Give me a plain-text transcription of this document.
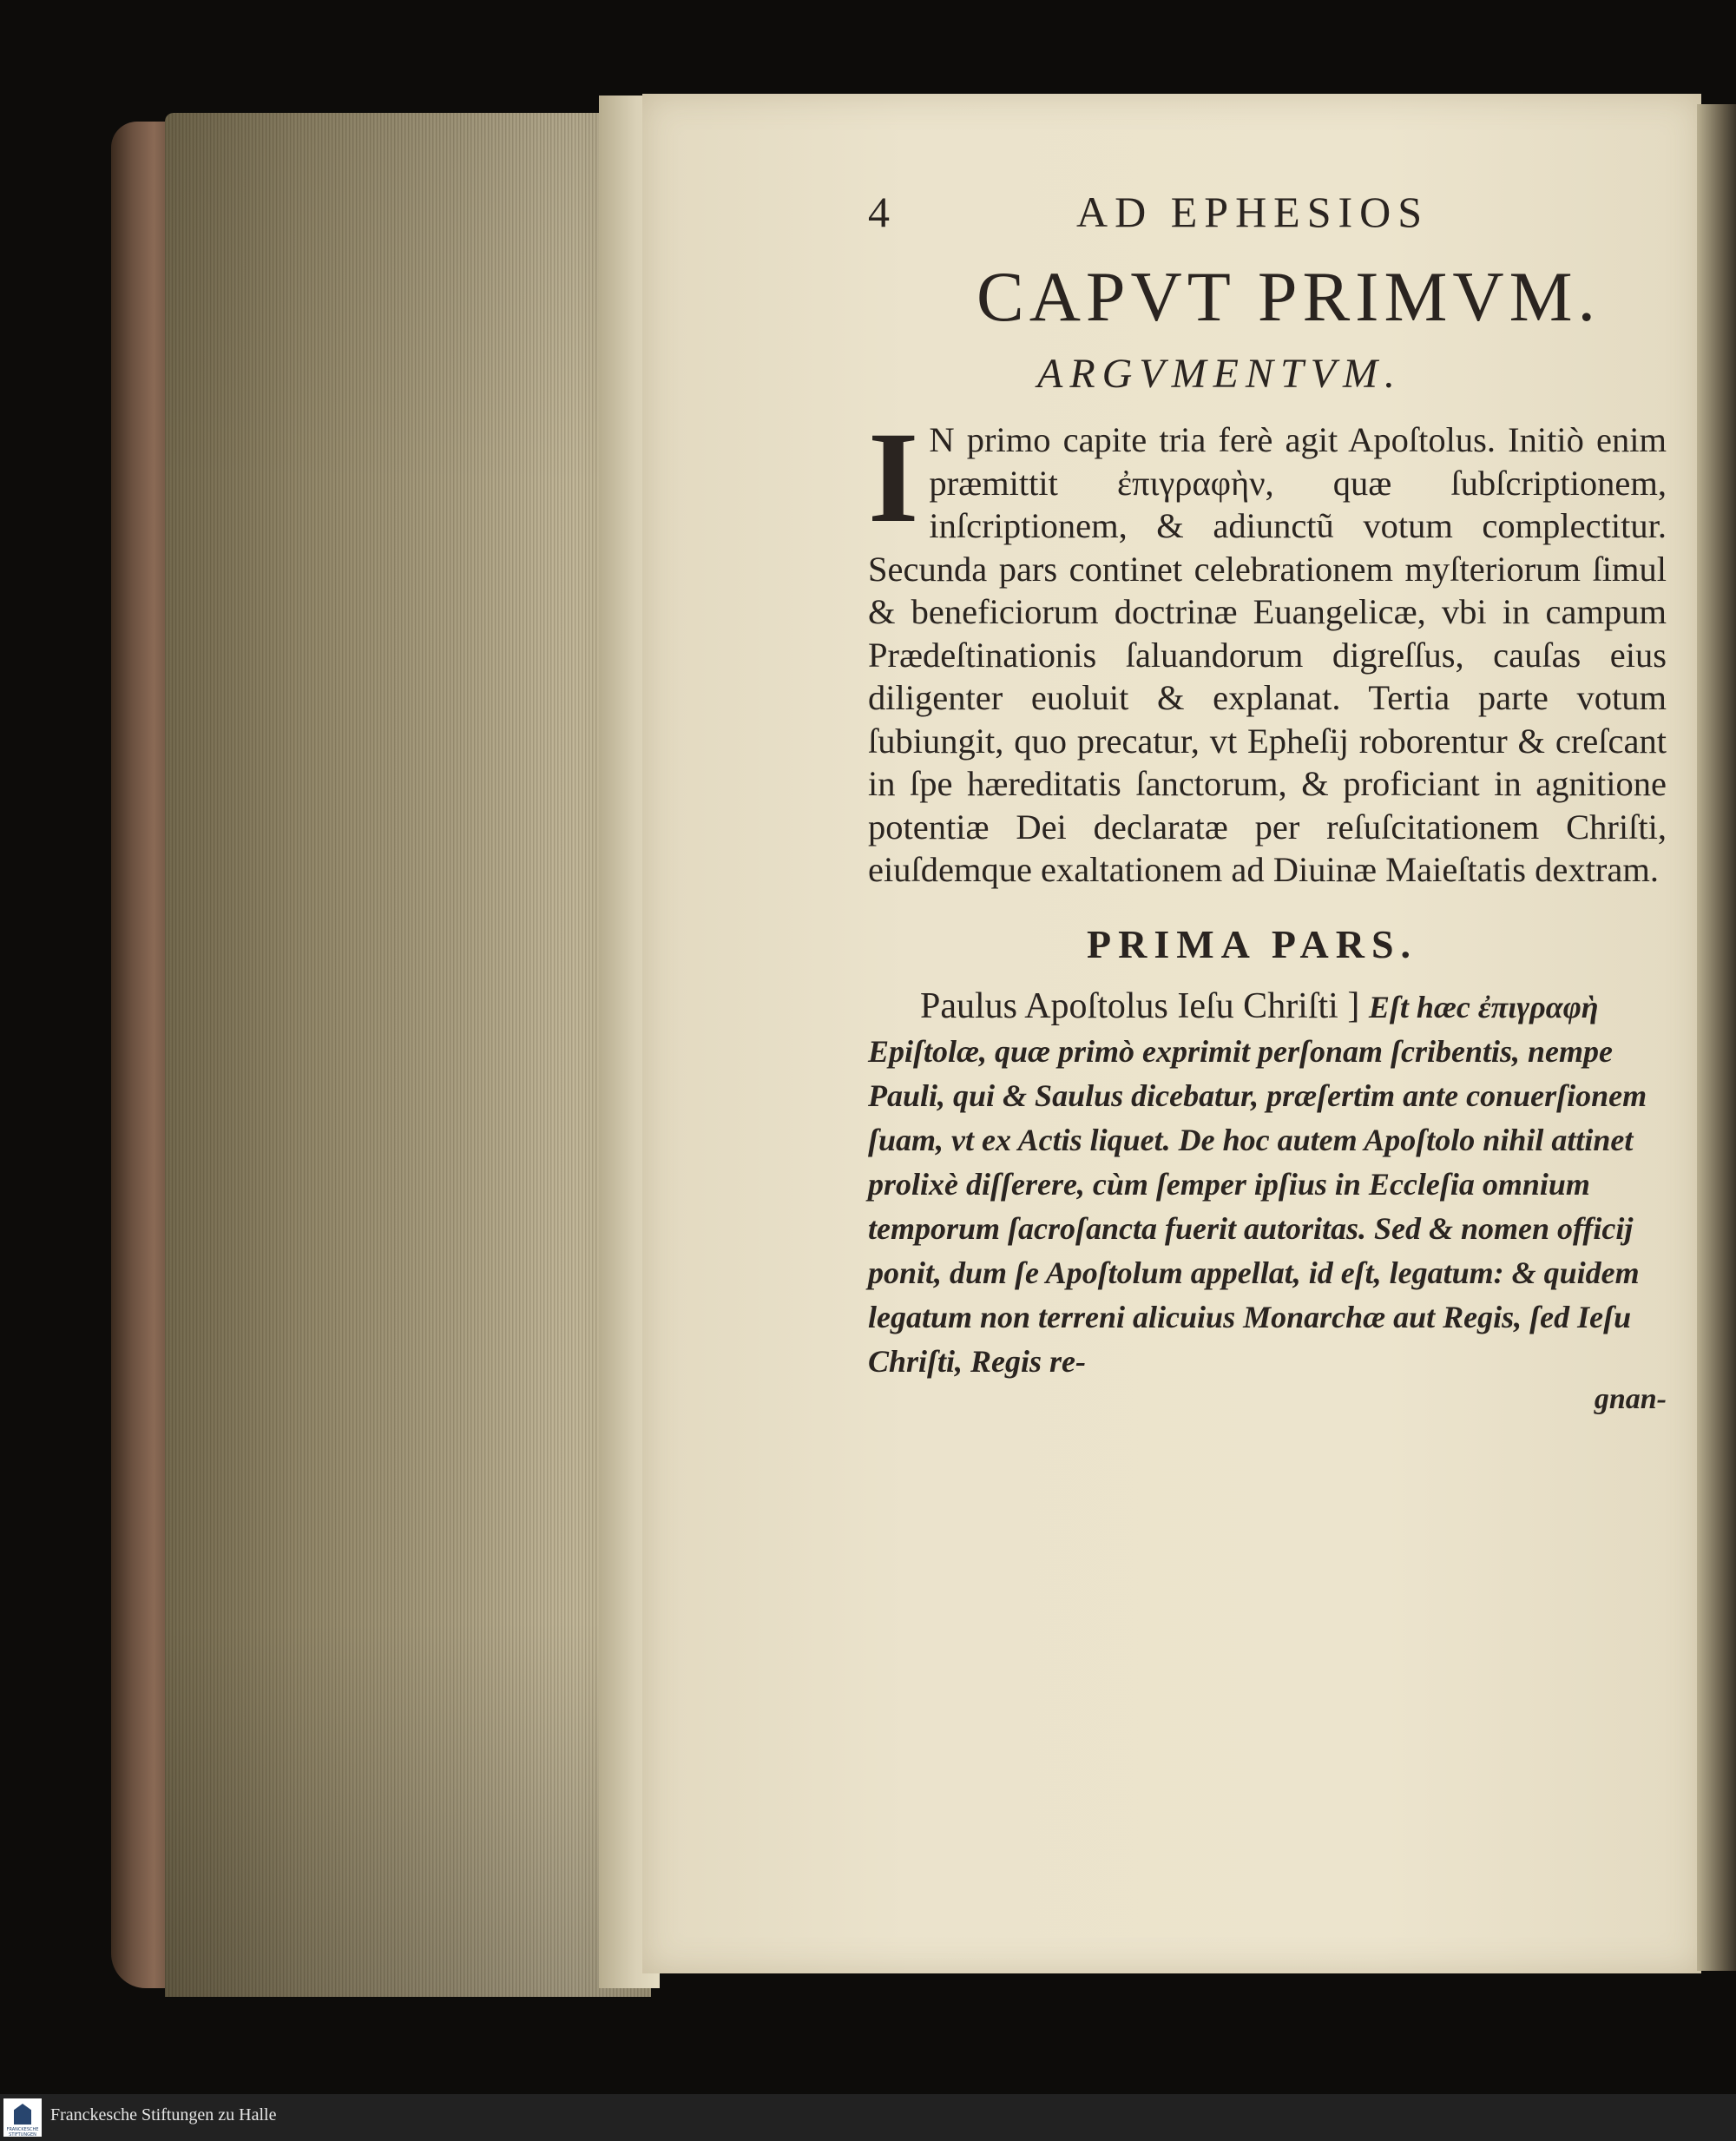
4	AD EPHESIOS
CAPVT PRIMVM.
ARGVMENTVM.
I N primo capite tria ferè agit Apoſtolus. Initiò enim præmittit ἐπιγραφὴν, quæ ſubſcriptionem, inſcriptionem, & adiunctũ votum complectitur. Secunda pars continet celebrationem myſteriorum ſimul & beneficiorum doctrinæ Euangelicæ, vbi in campum Prædeſtinationis ſaluandorum digreſſus, cauſas eius diligenter euoluit & explanat. Tertia parte votum ſubiungit, quo precatur, vt Epheſij roborentur & creſcant in ſpe hæreditatis ſanctorum, & proficiant in agnitione potentiæ Dei declaratæ per reſuſcitationem Chriſti, eiuſdemque exaltationem ad Diuinæ Maieſtatis dextram.
PRIMA PARS.
Paulus Apoſtolus Ieſu Chriſti ] Eſt hæc ἐπιγραφὴ Epiſtolæ, quæ primò exprimit perſonam ſcribentis, nempe Pauli, qui & Saulus dicebatur, præſertim ante conuerſionem ſuam, vt ex Actis liquet. De hoc autem Apoſtolo nihil attinet prolixè diſſerere, cùm ſemper ipſius in Eccleſia omnium temporum ſacroſancta fuerit autoritas. Sed & nomen officij ponit, dum ſe Apoſtolum appellat, id eſt, legatum: & quidem legatum non terreni alicuius Monarchæ aut Regis, ſed Ieſu Chriſti, Regis re-
gnan-
FRANCKESCHE STIFTUNGEN
Franckesche Stiftungen zu Halle
